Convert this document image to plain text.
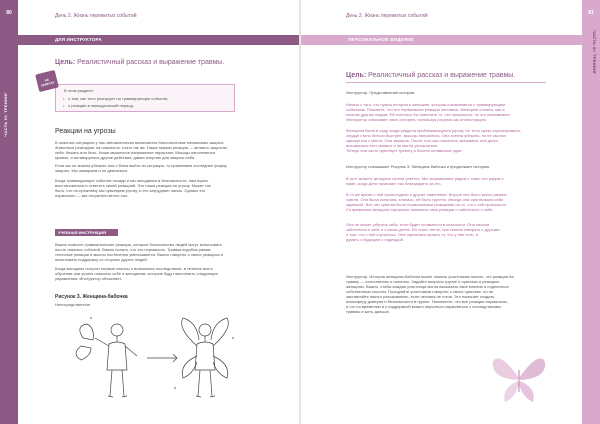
80
ЧАСТЬ III: ТРЕНИНГ
День 2. Жизнь пережитых событий
ДЛЯ ИНСТРУКТОРА
Цель: Реалистичный рассказ и выражение травмы.
В этом разделе:
• о том, как тело реагирует на травмирующие события;
• о реакции в эпизодический период.
НА ЗАМЕТКУ
Реакции на угрозы
В опасных ситуациях у нас автоматически включаются биологические механизмы защиты.
Животные реагируют на опасность точно так же. Наша первая реакция — активно защитить
себя: бежать или бить. Наше мышечное напряжение нарастает. Мышцы наполняются
кровью, и активируются другие действия, давая энергию для защиты себя.
Если мы не можем убежать или с боем выйти из ситуации, то применяем последнее форму
защиты. Мы замираем и не двигаемся.
Когда травмирующее событие позади и мы находимся в безопасности, нам нужно
восстановиться и ответить своей реакцией. Это наша реакция на угрозу. Может так
быть, что по-прежнему мы чувствуем угрозу, и это затрудняет жизнь. Однако это
нормально — мы потратили много сил.
УЧЕБНАЯ ИНСТРУКЦИЯ
Важно помнить травматические реакции, которые большинство людей могут испытывать
после тяжелых событий. Важно понять, что это нормально. Травма подобна ранам:
телесные реакции и мысли постепенно уменьшаются. Важно говорить о своих реакциях и
испытывать поддержку со стороны других людей.
Когда женщины получат первые сеансы о возможных последствиях, в течение всего
обучения они учатся помогать себе и женщинам, которые будут выполнять следующие
упражнения. Инструктор объясняет.
Рисунок 3. Женщина-бабочка
Непосредственное
81
ЧАСТЬ III: ТРЕНИНГ
День 2. Жизнь пережитых событий
ПЕРСОНАЛЬНОЕ ВИДЕНИЕ
Цель: Реалистичный рассказ и выражение травмы.
Инструктор. Представление истории.
Начать с того, что нужна история о женщине, которая сталкивается с травмирующим
событием. Поясните, что это нормальная реакция человека. Женщине сложно, как и
многим другим людям. Ей хотелось бы изменить то, что произошло, но это невозможно.
Инструктор описывает свою историю, используя рисунок как иллюстрацию.
Женщина была в саду, когда увидела приближающуюся угрозу. Ее тело сразу отреагировало:
сердце стало биться быстрее, мышцы напряглись. Она хотела убежать, но не смогла
сдвинуться с места. Она замерла. После того как опасность миновала, она долго
вспоминала этот момент и не могла успокоиться.
Теперь она часто чувствует тревогу и боится оставаться одна.
Инструктор показывает Рисунок 3: Женщина-бабочка и продолжает историю.
В этот момент женщина хотела улететь. Мы оказываемся рядом с теми, кто рядом с
нами, когда Дети начинают нас благодарить за это.
В то же время с ней происходили и другие изменения. Внутри нее было много разных
чувств. Она была испугана, злилась, ей было грустно. Иногда она чувствовала себя
одинокой. Все эти чувства были нормальными реакциями на то, что с ней произошло.
Со временем женщина научилась понимать свои реакции и заботиться о себе.
Она не может уберечь себя, если будет оставаться в опасности. Она начала
заботиться о себе и о своих детях. Ей стало легче, она смогла говорить с другими
о том, что с ней случилось. Она научилась ценить то, что у нее есть, и
думать о будущем с надеждой.
Инструктор. История женщины-бабочки может помочь участникам понять, что реакции на
травму — естественны и понятны. Задайте вопросы группе о чувствах и реакциях
женщины. Важно, чтобы каждая участница могла высказать свое мнение и поделиться
собственным опытом. Поощряйте участников говорить о своих чувствах, но не
заставляйте никого рассказывать, если человек не готов. Это помогает создать
атмосферу доверия и безопасности в группе. Напомните, что все реакции нормальны,
и что со временем и с поддержкой можно научиться справляться с последствиями
травмы и жить дальше.
